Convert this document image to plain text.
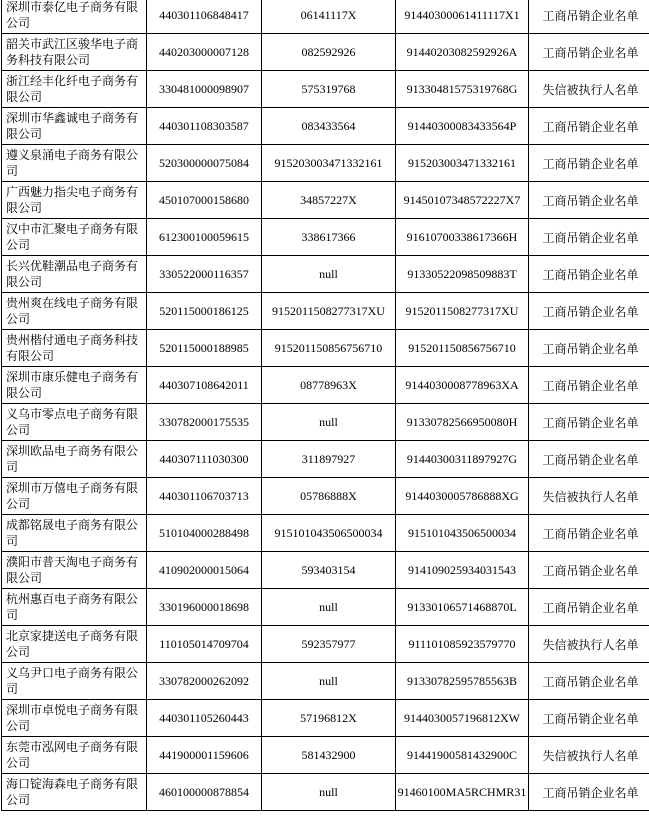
深圳市泰亿电子商务有限公司	440301106848417	06141117X	91440300061411117X1	工商吊销企业名单
韶关市武江区骏华电子商务科技有限公司	440203000007128	082592926	91440203082592926A	工商吊销企业名单
浙江经丰化纤电子商务有限公司	330481000098907	575319768	91330481575319768G	失信被执行人名单
深圳市华鑫诚电子商务有限公司	440301108303587	083433564	91440300083433564P	工商吊销企业名单
遵义泉涌电子商务有限公司	520300000075084	915203003471332161	915203003471332161	工商吊销企业名单
广西魅力指尖电子商务有限公司	450107000158680	34857227X	91450107348572227X7	工商吊销企业名单
汉中市汇聚电子商务有限公司	612300100059615	338617366	91610700338617366H	工商吊销企业名单
长兴优鞋潮品电子商务有限公司	330522000116357	null	91330522098509883T	工商吊销企业名单
贵州爽在线电子商务有限公司	520115000186125	9152011508277317XU	9152011508277317XU	工商吊销企业名单
贵州楷付通电子商务科技有限公司	520115000188985	915201150856756710	915201150856756710	工商吊销企业名单
深圳市康乐健电子商务有限公司	440307108642011	08778963X	9144030008778963XA	工商吊销企业名单
义乌市零点电子商务有限公司	330782000175535	null	91330782566950080H	工商吊销企业名单
深圳欧品电子商务有限公司	440307111030300	311897927	91440300311897927G	工商吊销企业名单
深圳市万僖电子商务有限公司	440301106703713	05786888X	9144030005786888XG	失信被执行人名单
成都铭晟电子商务有限公司	510104000288498	915101043506500034	915101043506500034	工商吊销企业名单
濮阳市普天淘电子商务有限公司	410902000015064	593403154	914109025934031543	工商吊销企业名单
杭州惠百电子商务有限公司	330196000018698	null	91330106571468870L	工商吊销企业名单
北京家捷送电子商务有限公司	110105014709704	592357977	911101085923579770	失信被执行人名单
义乌尹口电子商务有限公司	330782000262092	null	91330782595785563B	工商吊销企业名单
深圳市卓悦电子商务有限公司	440301105260443	57196812X	9144030057196812XW	工商吊销企业名单
东莞市泓网电子商务有限公司	441900001159606	581432900	91441900581432900C	失信被执行人名单
海口锭海森电子商务有限公司	460100000878854	null	91460100MA5RCHMR31	工商吊销企业名单
